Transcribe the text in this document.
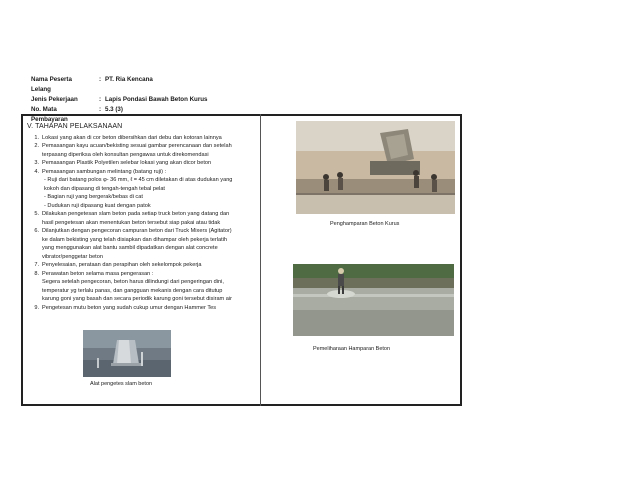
Nama Peserta Lelang
: PT. Ria Kencana
Jenis Pekerjaan	: Lapis Pondasi Bawah Beton Kurus
No. Mata Pembayaran
: 5.3 (3)
V. TAHAPAN PELAKSANAAN
1. Lokasi yang akan di cor beton dibersihkan dari debu dan kotoran lainnya
2. Pemasangan kayu acuan/bekisting sesuai gambar perencanaan dan setelah
terpasang diperiksa oleh konsultan pengawas untuk direkomendasi
3. Pemasangan Plastik Polyetilen selebar lokasi yang akan dicor beton
4. Pemasangan sambungan melintang (batang ruji) :
- Ruji dari batang polos φ- 36 mm, ℓ = 45 cm diletakan di atas dudukan yang
kokoh dan dipasang di tengah-tengah tebal pelat
- Bagian ruji yang bergerak/bebas di cat
- Dudukan ruji dipasang kuat dengan patok
5. Dilakukan pengetesan slam beton pada setiap truck beton yang datang dan
hasil pengetesan akan menentukan beton tersebut siap pakai atau tidak
6. Dilanjutkan dengan pengecoran campuran beton dari Truck Mixers (Agitator)
ke dalam bekisting yang telah disiapkan dan dihampar oleh pekerja terlatih
yang menggunakan alat bantu sambil dipadatkan dengan alat concrete
vibrator/penggetar beton
7. Penyelesaian, perataan dan perapihan oleh sekelompok pekerja
8. Perawatan beton selama masa pengerasan :
Segera setelah pengecoran, beton harus dilindungi dari pengeringan dini,
temperatur yg terlalu panas, dan gangguan mekanis dengan cara ditutup
karung goni yang basah dan secara periodik karung goni tersebut disiram air
9. Pengetesan mutu beton yang sudah cukup umur dengan Hammer Tes
Alat pengetes slam beton
Penghamparan Beton Kurus
Pemeliharaan Hamparan Beton
